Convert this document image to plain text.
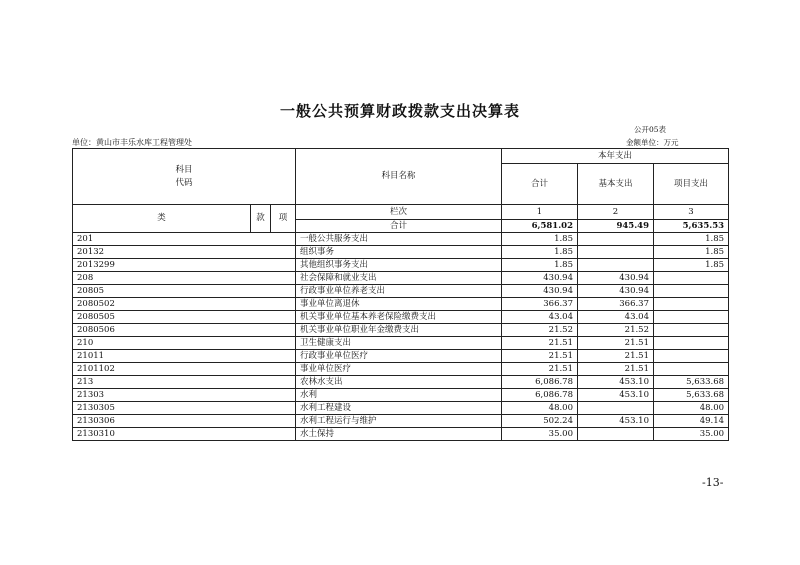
一般公共预算财政拨款支出决算表
公开05表
单位：黄山市丰乐水库工程管理处	金额单位：万元
科目
代码			科目名称	本年支出		
				合计	基本支出	项目支出
类	款	项	栏次	1	2	3
			合计	6,581.02	945.49	5,635.53
201			一般公共服务支出	1.85		1.85
20132			组织事务	1.85		1.85
2013299			其他组织事务支出	1.85		1.85
208			社会保障和就业支出	430.94	430.94	
20805			行政事业单位养老支出	430.94	430.94	
2080502			事业单位离退休	366.37	366.37	
2080505			机关事业单位基本养老保险缴费支出	43.04	43.04	
2080506			机关事业单位职业年金缴费支出	21.52	21.52	
210			卫生健康支出	21.51	21.51	
21011			行政事业单位医疗	21.51	21.51	
2101102			事业单位医疗	21.51	21.51	
213			农林水支出	6,086.78	453.10	5,633.68
21303			水利	6,086.78	453.10	5,633.68
2130305			水利工程建设	48.00		48.00
2130306			水利工程运行与维护	502.24	453.10	49.14
2130310			水土保持	35.00		35.00
-13-
